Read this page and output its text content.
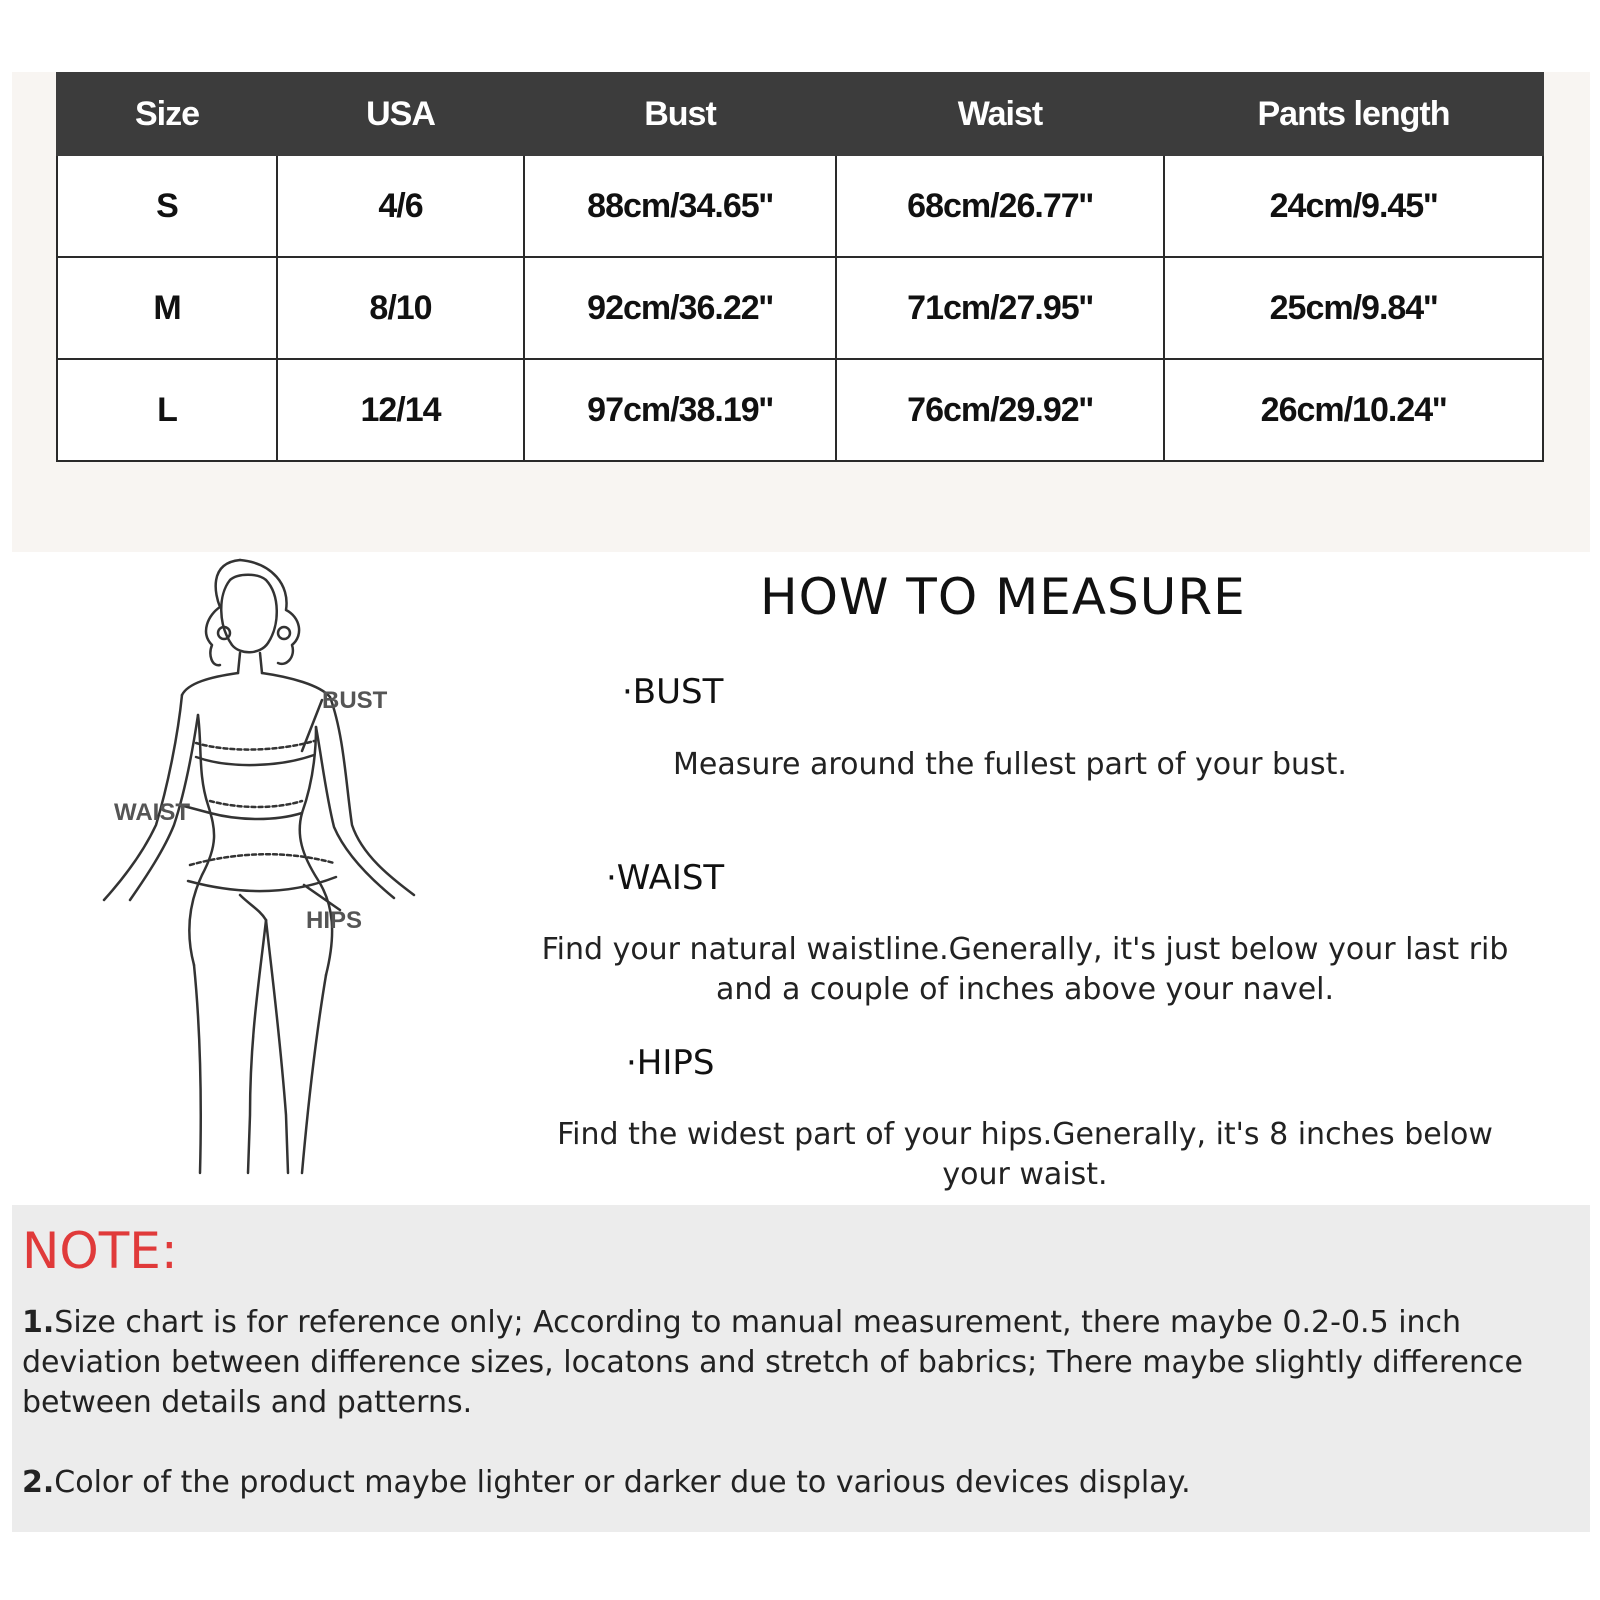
Size	USA	Bust	Waist	Pants length
S	4/6	88cm/34.65''	68cm/26.77''	24cm/9.45''
M	8/10	92cm/36.22''	71cm/27.95''	25cm/9.84''
L	12/14	97cm/38.19''	76cm/29.92''	26cm/10.24''
BUST
WAIST
HIPS
HOW TO MEASURE
·BUST
Measure around the fullest part of your bust.
·WAIST
Find your natural waistline.Generally, it's just below your last rib
and a couple of inches above your navel.
·HIPS
Find the widest part of your hips.Generally, it's 8 inches below
your waist.
NOTE:
1.Size chart is for reference only; According to manual measurement, there maybe 0.2-0.5 inch
deviation between difference sizes, locatons and stretch of babrics; There maybe slightly difference
between details and patterns.
2.Color of the product maybe lighter or darker due to various devices display.
